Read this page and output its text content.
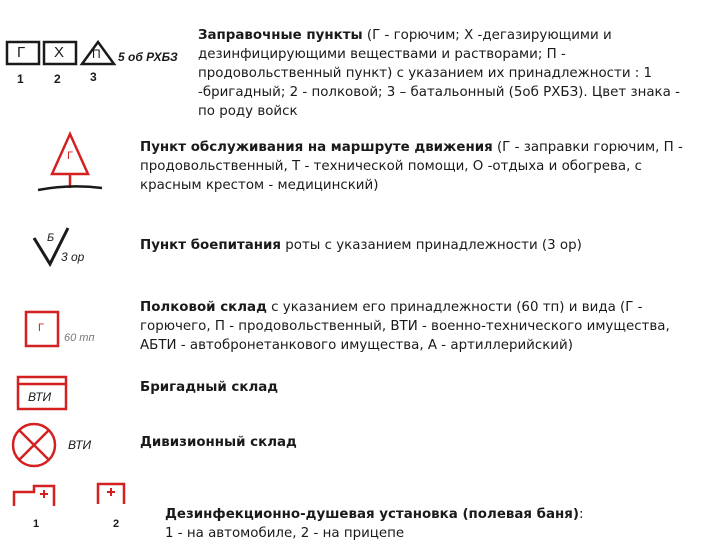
Г Х П
1	2 3
5 об РХБЗ
Заправочные пункты (Г - горючим; Х -дегазирующими и дезинфицирующими веществами и растворами; П - продовольственный пункт) с указанием их принадлежности : 1 -бригадный; 2 - полковой; 3 – батальонный (5об РХБЗ). Цвет знака - по роду войск
Г
Пункт обслуживания на маршруте движения (Г - заправки горючим, П - продовольственный, Т - технической помощи, О -отдыха и обогрева, с красным крестом - медицинский)
Б
3 ор
Пункт боепитания роты с указанием принадлежности (3 ор)
Г
60 тп
Полковой склад с указанием его принадлежности (60 тп) и вида (Г - горючего, П - продовольственный, ВТИ - военно-технического имущества, АБТИ - автобронетанкового имущества, А - артиллерийский)
ВТИ
Бригадный склад
ВТИ	Дивизионный склад
1	2

Дезинфекционно-душевая установка (полевая баня):
1 - на автомобиле, 2 - на прицепе
